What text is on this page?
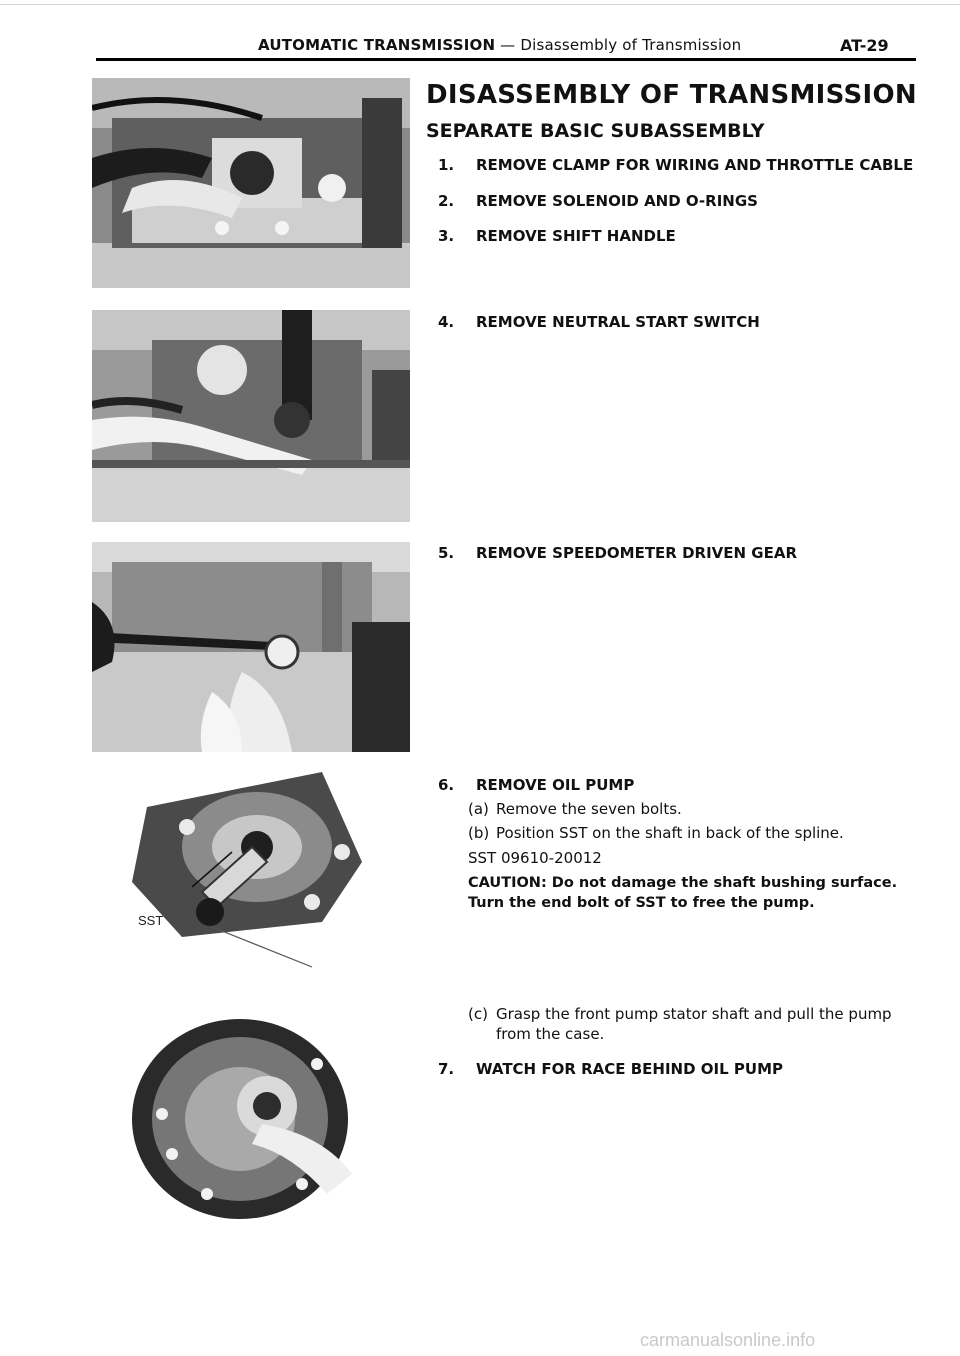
AUTOMATIC TRANSMISSION — Disassembly of Transmission	AT-29
SST
DISASSEMBLY OF TRANSMISSION
SEPARATE BASIC SUBASSEMBLY
1. REMOVE CLAMP FOR WIRING AND THROTTLE CABLE
2. REMOVE SOLENOID AND O-RINGS
3. REMOVE SHIFT HANDLE
4. REMOVE NEUTRAL START SWITCH
5. REMOVE SPEEDOMETER DRIVEN GEAR
6. REMOVE OIL PUMP
(a) Remove the seven bolts.
(b) Position SST on the shaft in back of the spline.
SST 09610-20012
CAUTION: Do not damage the shaft bushing surface.
Turn the end bolt of SST to free the pump.
(c) Grasp the front pump stator shaft and pull the pump
from the case.
7. WATCH FOR RACE BEHIND OIL PUMP
carmanualsonline.info
